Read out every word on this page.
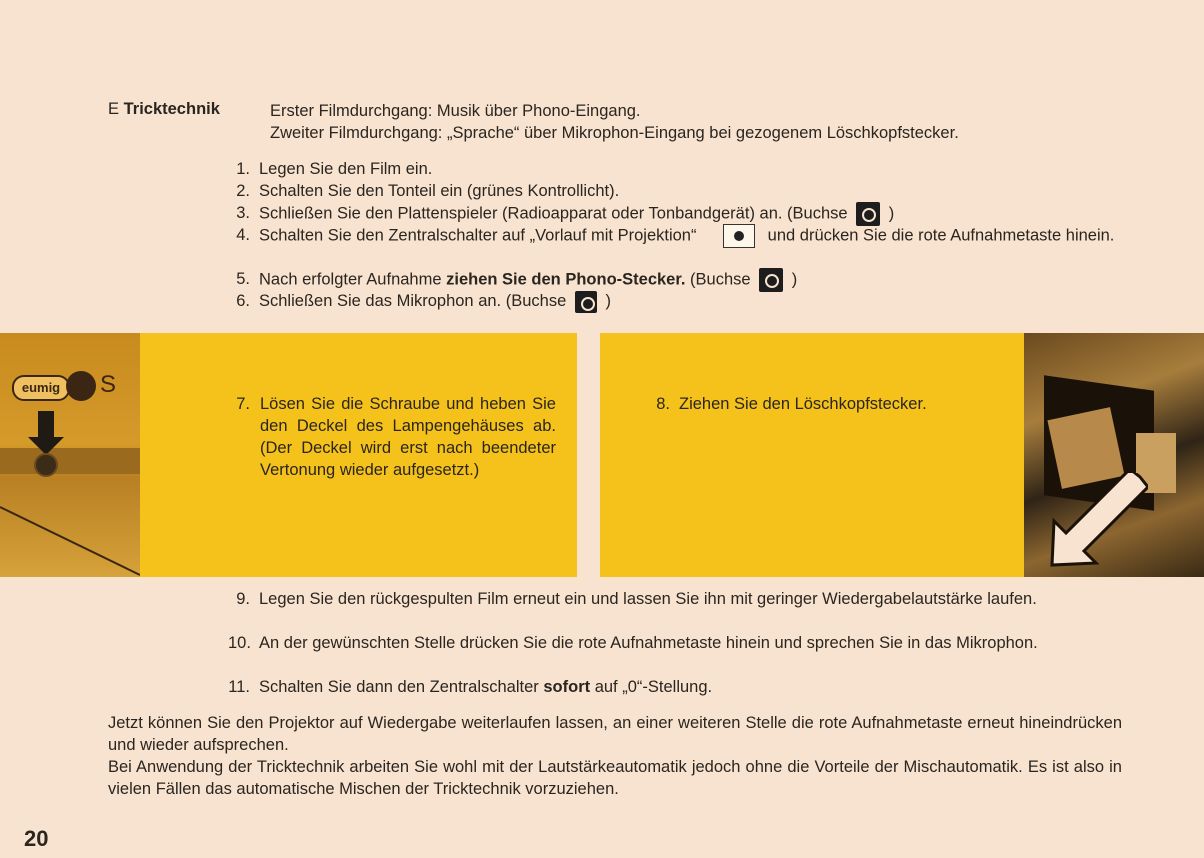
E Tricktechnik	Erster Filmdurchgang: Musik über Phono-Eingang.
Zweiter Filmdurchgang: „Sprache“ über Mikrophon-Eingang bei gezogenem Löschkopfstecker.
1. Legen Sie den Film ein.
2. Schalten Sie den Tonteil ein (grünes Kontrollicht).
3. Schließen Sie den Plattenspieler (Radioapparat oder Tonbandgerät) an. (Buchse )
4. Schalten Sie den Zentralschalter auf „Vorlauf mit Projektion“	und drücken Sie die rote Aufnahmetaste hinein.
5. Nach erfolgter Aufnahme ziehen Sie den Phono-Stecker. (Buchse )
6. Schließen Sie das Mikrophon an. (Buchse )
eumig	S
7. Lösen Sie die Schraube und heben Sie den Deckel des Lampengehäuses ab. (Der Deckel wird erst nach beendeter Vertonung wieder aufgesetzt.)
8. Ziehen Sie den Löschkopfstecker.
9. Legen Sie den rückgespulten Film erneut ein und lassen Sie ihn mit geringer Wiedergabelautstärke laufen.
10. An der gewünschten Stelle drücken Sie die rote Aufnahmetaste hinein und sprechen Sie in das Mikrophon.
11. Schalten Sie dann den Zentralschalter sofort auf „0“-Stellung.
Jetzt können Sie den Projektor auf Wiedergabe weiterlaufen lassen, an einer weiteren Stelle die rote Aufnahmetaste erneut hineindrücken und wieder aufsprechen.
Bei Anwendung der Tricktechnik arbeiten Sie wohl mit der Lautstärkeautomatik jedoch ohne die Vorteile der Mischautomatik. Es ist also in vielen Fällen das automatische Mischen der Tricktechnik vorzuziehen.
20
